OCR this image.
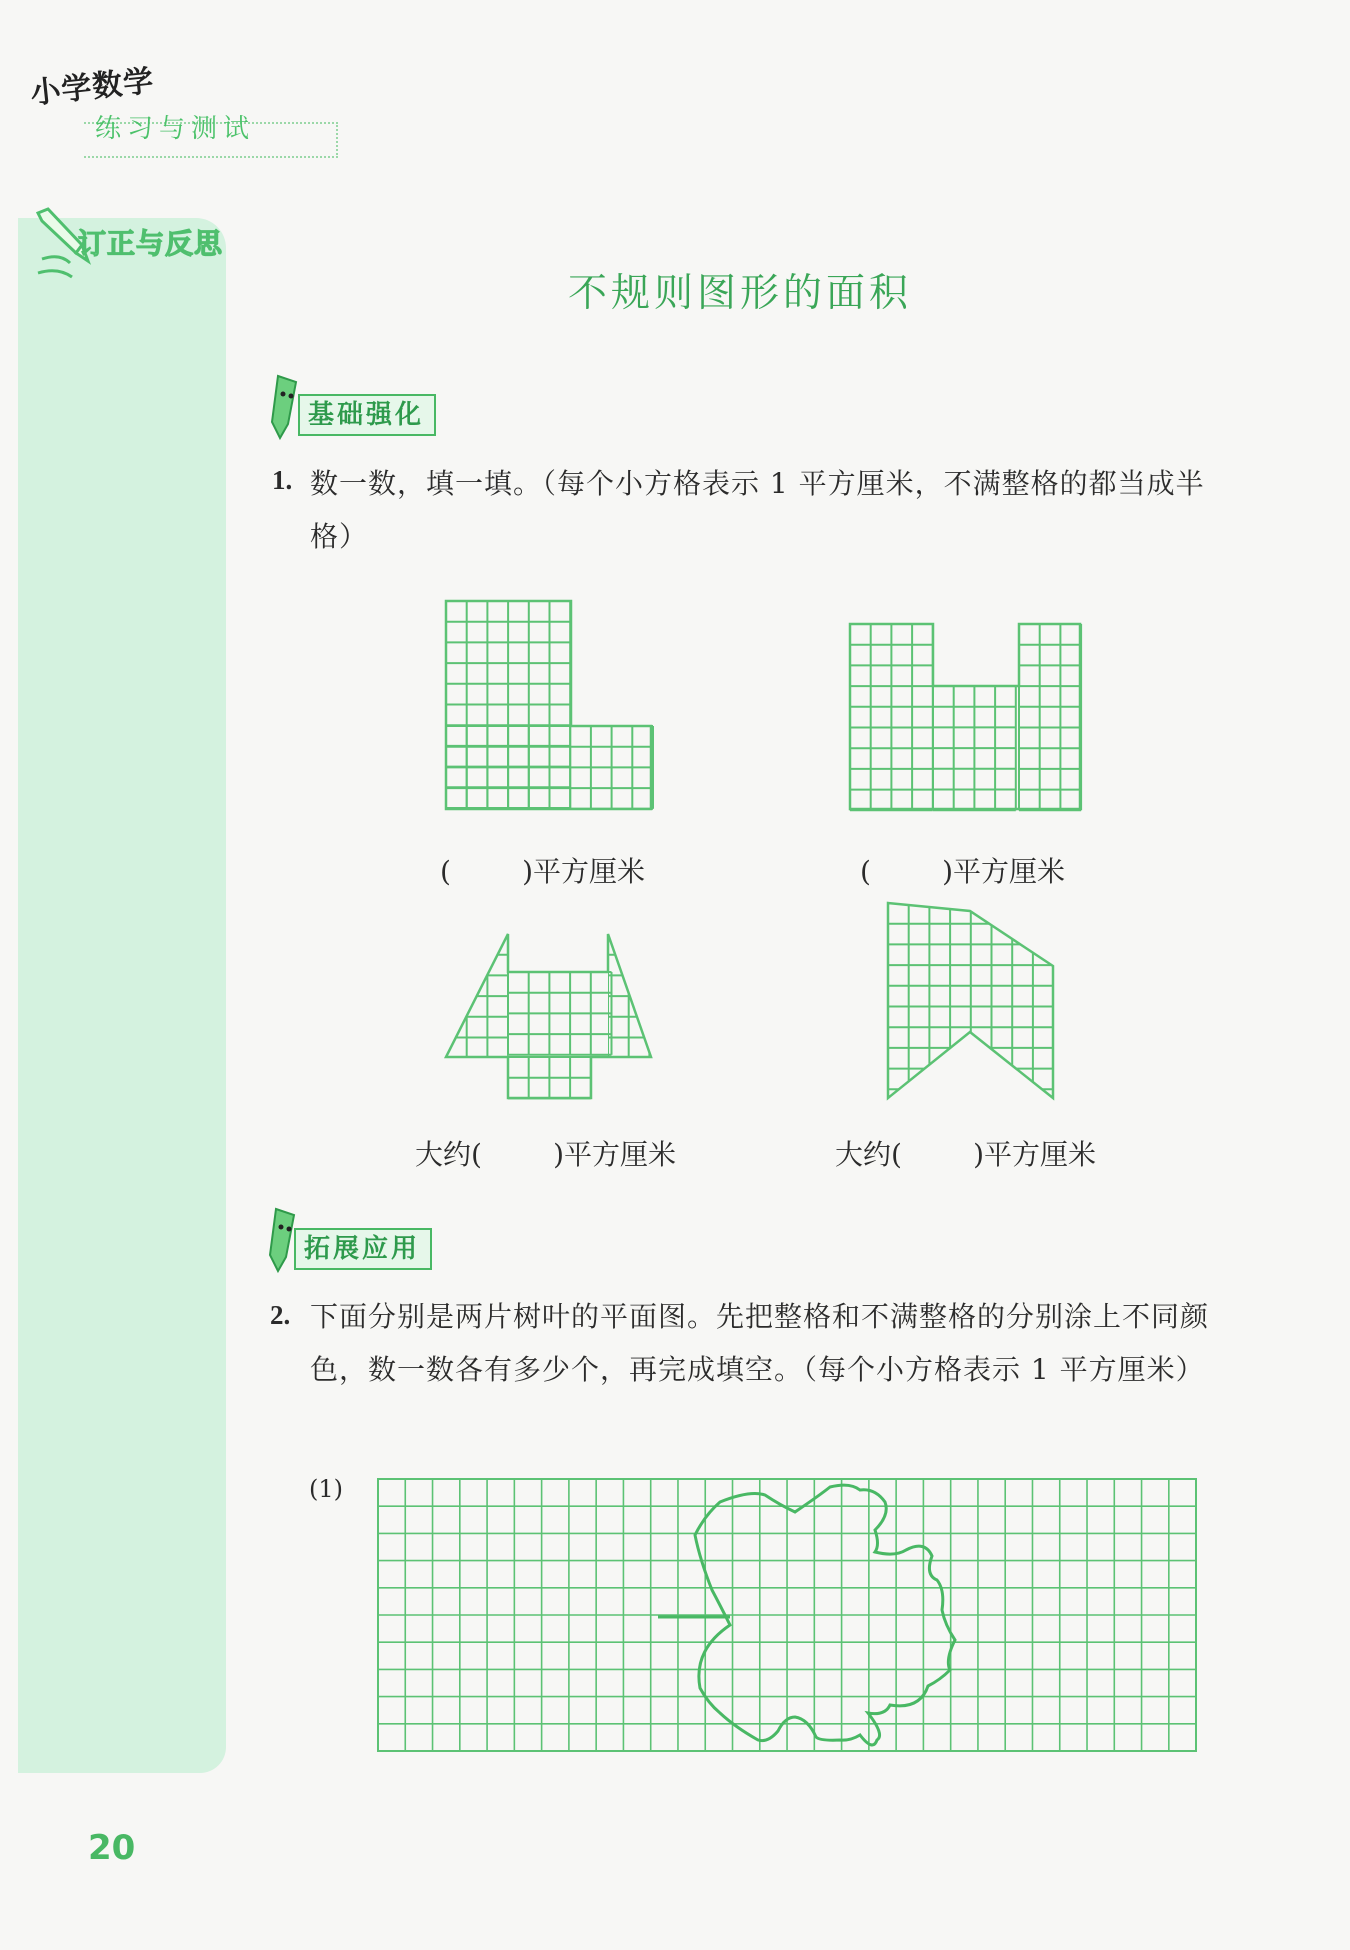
小学数学
练习与测试
订正与反思
不规则图形的面积
基础强化
1. 数一数，填一填。（每个小方格表示 1 平方厘米，不满整格的都当成半格）
(        )平方厘米	(        )平方厘米
大约(        )平方厘米	大约(        )平方厘米
拓展应用
2. 下面分别是两片树叶的平面图。先把整格和不满整格的分别涂上不同颜色，数一数各有多少个，再完成填空。（每个小方格表示 1 平方厘米）
(1)
20
